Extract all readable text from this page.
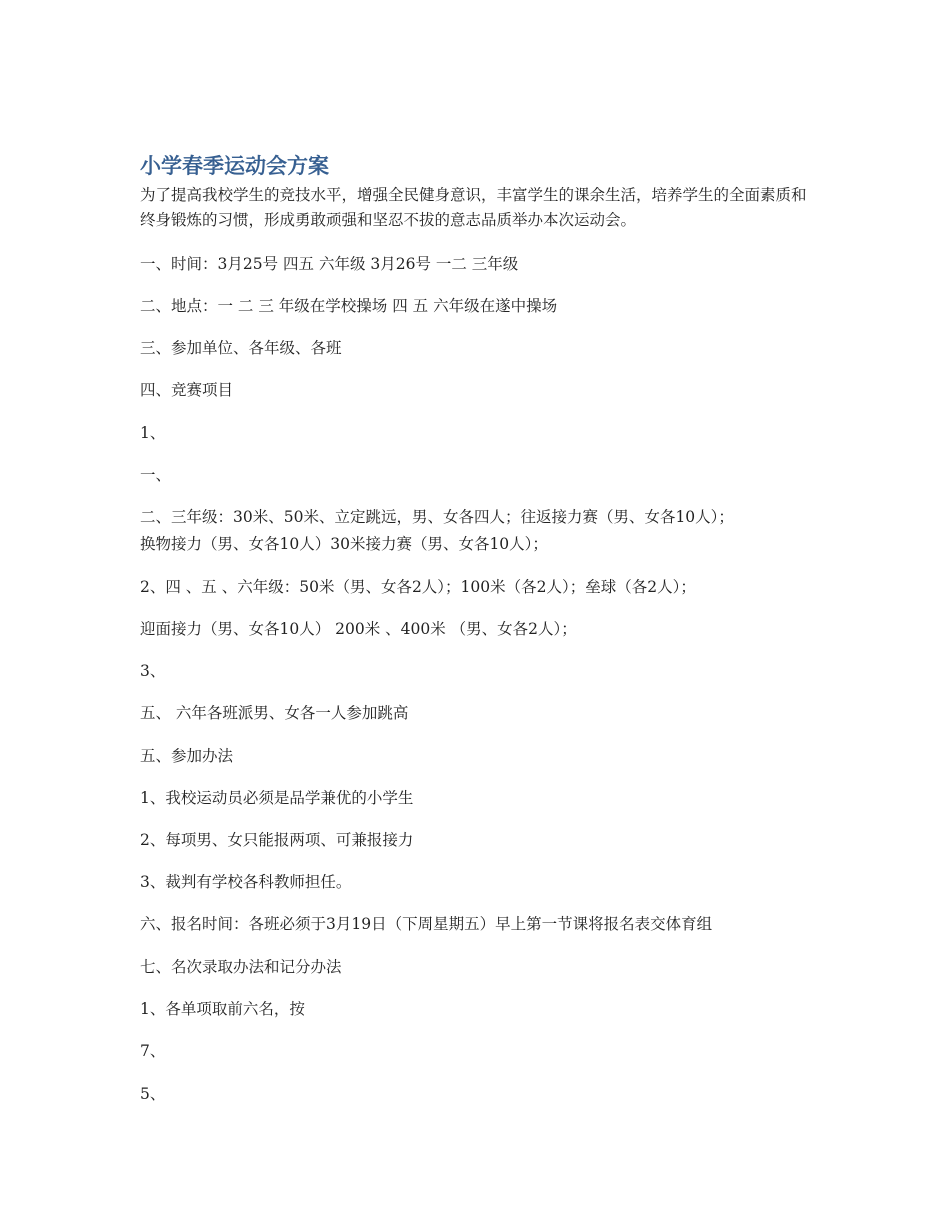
小学春季运动会方案

为了提高我校学生的竞技水平，增强全民健身意识，丰富学生的课余生活，培养学生的全面素质和终身锻炼的习惯，形成勇敢顽强和坚忍不拔的意志品质举办本次运动会。

一、时间：3月25号 四五 六年级 3月26号 一二 三年级

二、地点：一 二 三 年级在学校操场 四 五 六年级在遂中操场

三、参加单位、各年级、各班

四、竞赛项目

1、

一、

二、三年级：30米、50米、立定跳远，男、女各四人；往返接力赛（男、女各10人）；

换物接力（男、女各10人）30米接力赛（男、女各10人）；

2、四 、五 、六年级：50米（男、女各2人）；100米（各2人）；垒球（各2人）；

迎面接力（男、女各10人） 200米 、400米 （男、女各2人）；

3、

五、 六年各班派男、女各一人参加跳高

五、参加办法

1、我校运动员必须是品学兼优的小学生

2、每项男、女只能报两项、可兼报接力

3、裁判有学校各科教师担任。

六、报名时间：各班必须于3月19日（下周星期五）早上第一节课将报名表交体育组

七、名次录取办法和记分办法

1、各单项取前六名，按

7、

5、
